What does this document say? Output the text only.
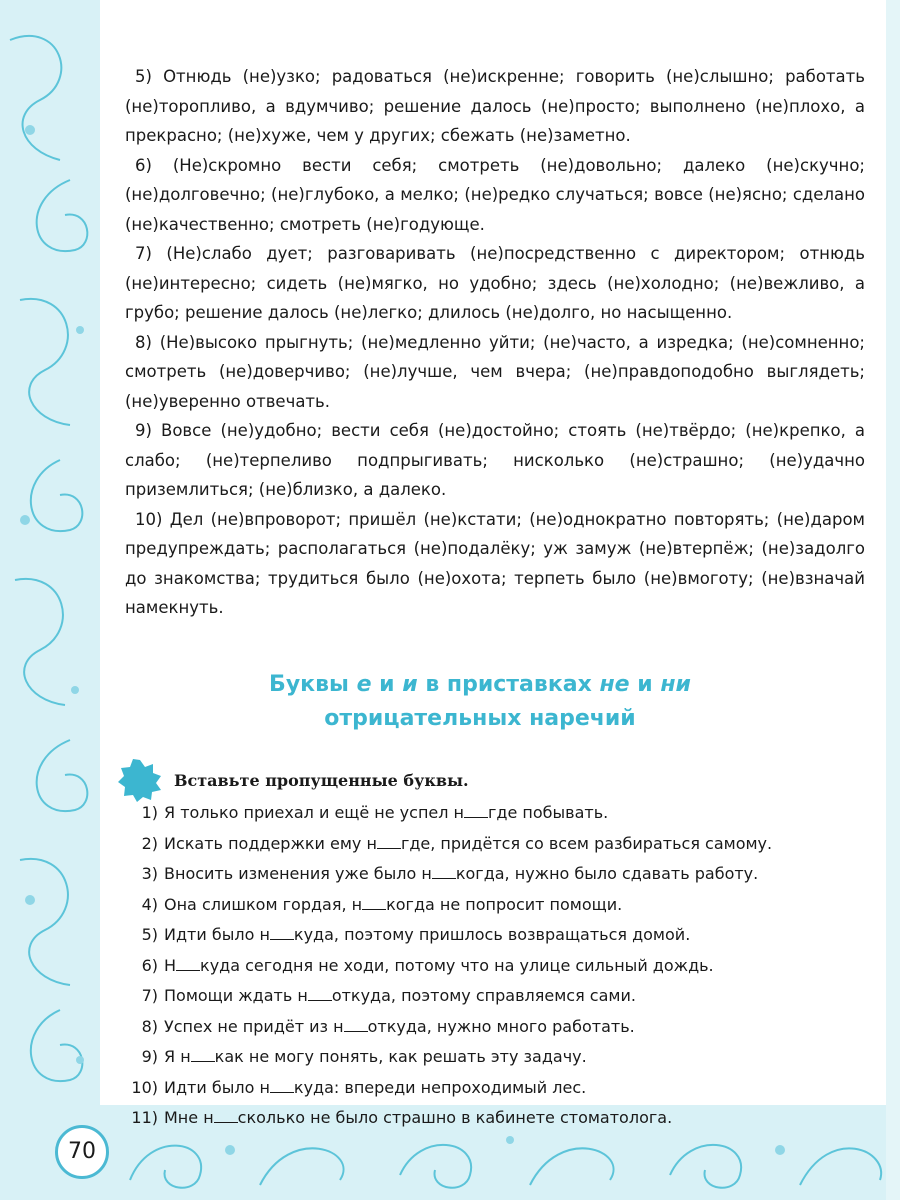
5) Отнюдь (не)узко; радоваться (не)искренне; говорить (не)слышно; работать (не)торопливо, а вдумчиво; решение далось (не)просто; выполнено (не)плохо, а прекрасно; (не)хуже, чем у других; сбежать (не)заметно.

6) (Не)скромно вести себя; смотреть (не)довольно; далеко (не)скучно; (не)долговечно; (не)глубоко, а мелко; (не)редко случаться; вовсе (не)ясно; сделано (не)качественно; смотреть (не)годующе.

7) (Не)слабо дует; разговаривать (не)посредственно с директором; отнюдь (не)интересно; сидеть (не)мягко, но удобно; здесь (не)холодно; (не)вежливо, а грубо; решение далось (не)легко; длилось (не)долго, но насыщенно.

8) (Не)высоко прыгнуть; (не)медленно уйти; (не)часто, а изредка; (не)сомненно; смотреть (не)доверчиво; (не)лучше, чем вчера; (не)правдоподобно выглядеть; (не)уверенно отвечать.

9) Вовсе (не)удобно; вести себя (не)достойно; стоять (не)твёрдо; (не)крепко, а слабо; (не)терпеливо подпрыгивать; нисколько (не)страшно; (не)удачно приземлиться; (не)близко, а далеко.

10) Дел (не)впроворот; пришёл (не)кстати; (не)однократно повторять; (не)даром предупреждать; располагаться (не)подалёку; уж замуж (не)втерпёж; (не)задолго до знакомства; трудиться было (не)охота; терпеть было (не)вмоготу; (не)взначай намекнуть.

Буквы е и и в приставках не и ни
отрицательных наречий
Вставьте пропущенные буквы.
1) Я только приехал и ещё не успел н где побывать.
2) Искать поддержки ему н где, придётся со всем разбираться самому.
3) Вносить изменения уже было н когда, нужно было сдавать работу.
4) Она слишком гордая, н когда не попросит помощи.
5) Идти было н куда, поэтому пришлось возвращаться домой.
6) Н куда сегодня не ходи, потому что на улице сильный дождь.
7) Помощи ждать н откуда, поэтому справляемся сами.
8) Успех не придёт из н откуда, нужно много работать.
9) Я н как не могу понять, как решать эту задачу.
10) Идти было н куда: впереди непроходимый лес.
11) Мне н сколько не было страшно в кабинете стоматолога.
70
